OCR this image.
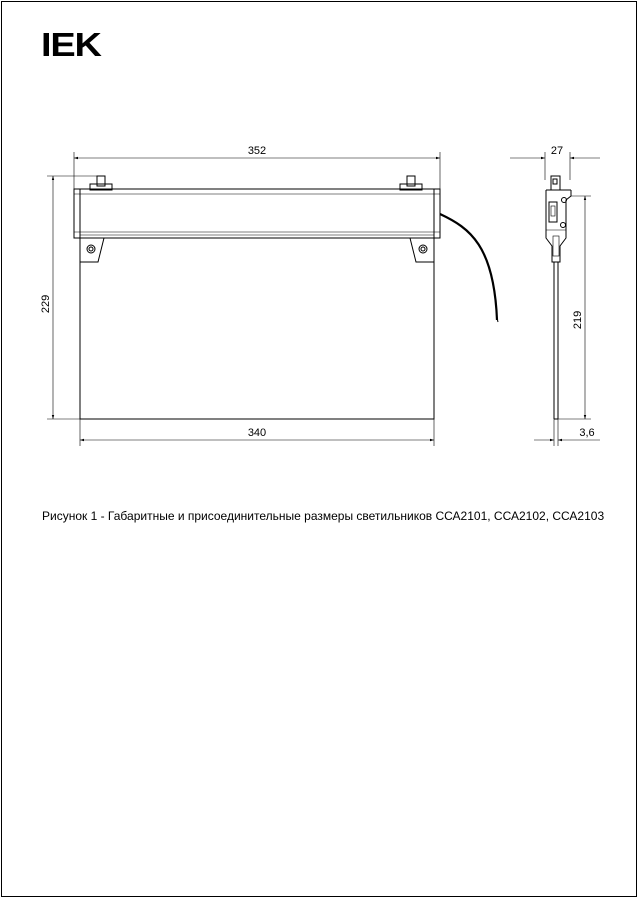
IEK
352
229
340
27
219
3,6
Рисунок 1 - Габаритные и присоединительные размеры светильников ССА2101, ССА2102, ССА2103
